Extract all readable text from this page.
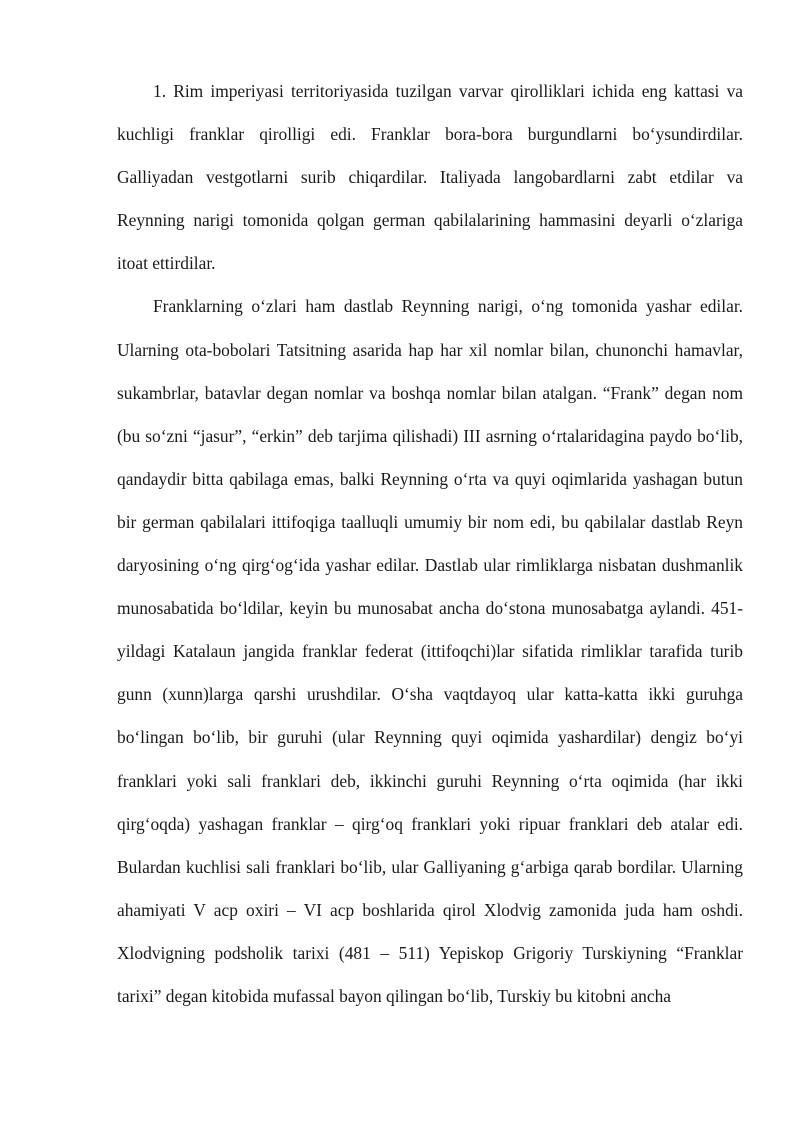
1. Rim imperiyasi territoriyasida tuzilgan varvar qirolliklari ichida eng kattasi va kuchligi franklar qirolligi edi. Franklar bora-bora burgundlarni bo‘ysundirdilar. Galliyadan vestgotlarni surib chiqardilar. Italiyada langobardlarni zabt etdilar va Reynning narigi tomonida qolgan german qabilalarining hammasini deyarli o‘zlariga itoat ettirdilar.

Franklarning o‘zlari ham dastlab Reynning narigi, o‘ng tomonida yashar edilar. Ularning ota-bobolari Tatsitning asarida hap har xil nomlar bilan, chunonchi hamavlar, sukambrlar, batavlar degan nomlar va boshqa nomlar bilan atalgan. “Frank” degan nom (bu so‘zni “jasur”, “erkin” deb tarjima qilishadi) III asrning o‘rtalaridagina paydo bo‘lib, qandaydir bitta qabilaga emas, balki Reynning o‘rta va quyi oqimlarida yashagan butun bir german qabilalari ittifoqiga taalluqli umumiy bir nom edi, bu qabilalar dastlab Reyn daryosining o‘ng qirg‘og‘ida yashar edilar. Dastlab ular rimliklarga nisbatan dushmanlik munosabatida bo‘ldilar, keyin bu munosabat ancha do‘stona munosabatga aylandi. 451-yildagi Katalaun jangida franklar federat (ittifoqchi)lar sifatida rimliklar tarafida turib gunn (xunn)larga qarshi urushdilar. O‘sha vaqtdayoq ular katta-katta ikki guruhga bo‘lingan bo‘lib, bir guruhi (ular Reynning quyi oqimida yashardilar) dengiz bo‘yi franklari yoki sali franklari deb, ikkinchi guruhi Reynning o‘rta oqimida (har ikki qirg‘oqda) yashagan franklar – qirg‘oq franklari yoki ripuar franklari deb atalar edi. Bulardan kuchlisi sali franklari bo‘lib, ular Galliyaning g‘arbiga qarab bordilar. Ularning ahamiyati V acp oxiri – VI acp boshlarida qirol Xlodvig zamonida juda ham oshdi. Xlodvigning podsholik tarixi (481 – 511) Yepiskop Grigoriy Turskiyning “Franklar tarixi” degan kitobida mufassal bayon qilingan bo‘lib, Turskiy bu kitobni ancha
